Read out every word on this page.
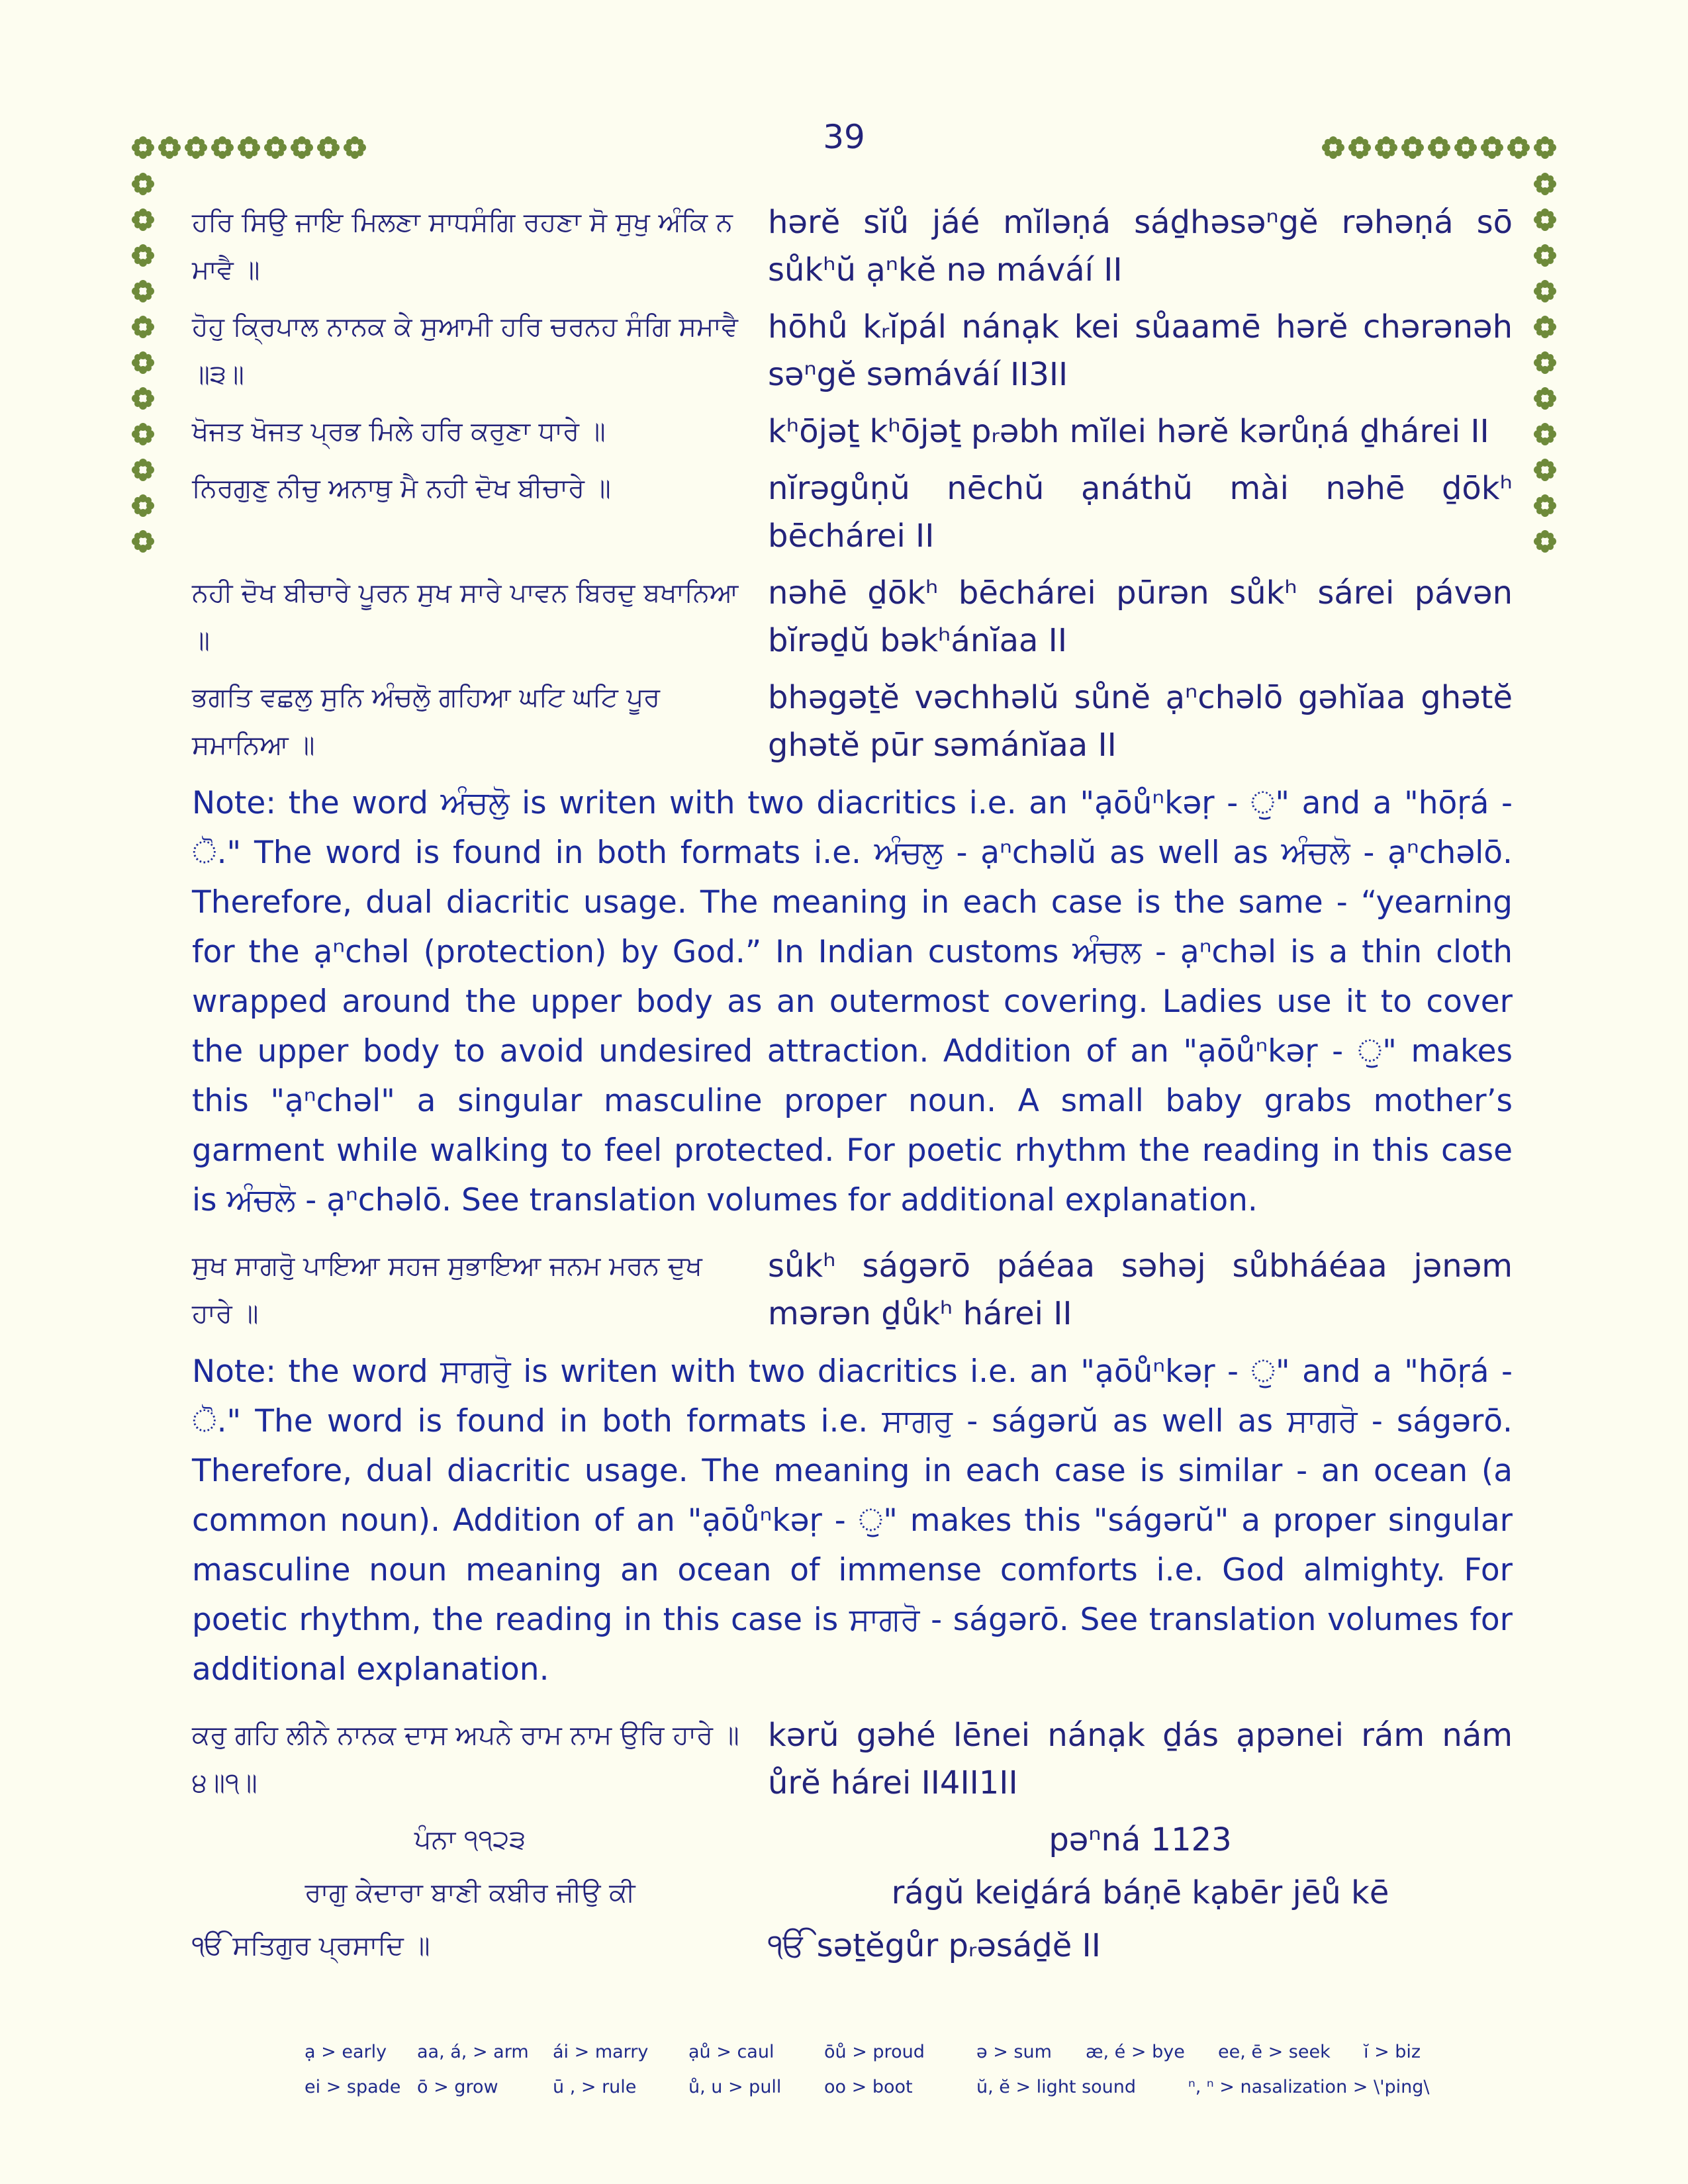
39
ਹਰਿ ਸਿਉ ਜਾਇ ਮਿਲਣਾ ਸਾਧਸੰਗਿ ਰਹਣਾ ਸੋ ਸੁਖੁ ਅੰਕਿ ਨ ਮਾਵੈ ॥
hərĕ sĭů jáé mĭləṇá sáḏhəsəⁿgĕ rəhəṇá sō sůkʰŭ ạⁿkĕ nə máváí II
ਹੋਹੁ ਕ੍ਰਿਪਾਲ ਨਾਨਕ ਕੇ ਸੁਆਮੀ ਹਰਿ ਚਰਨਹ ਸੰਗਿ ਸਮਾਵੈ ॥੩॥
hōhů kᵣĭpál nánạk kei sůaamē hərĕ chərənəh səⁿgĕ səmáváí II3II
ਖੋਜਤ ਖੋਜਤ ਪ੍ਰਭ ਮਿਲੇ ਹਰਿ ਕਰੁਣਾ ਧਾਰੇ ॥	kʰōjəṯ kʰōjəṯ pᵣəbh mĭlei hərĕ kərůṇá ḏhárei II
ਨਿਰਗੁਣੁ ਨੀਚੁ ਅਨਾਥੁ ਮੈ ਨਹੀ ਦੋਖ ਬੀਚਾਰੇ ॥	nĭrəgůṇŭ nēchŭ ạnáthŭ mài nəhē ḏōkʰ bēchárei II
ਨਹੀ ਦੋਖ ਬੀਚਾਰੇ ਪੂਰਨ ਸੁਖ ਸਾਰੇ ਪਾਵਨ ਬਿਰਦੁ ਬਖਾਨਿਆ ॥
nəhē ḏōkʰ bēchárei pūrən sůkʰ sárei pávən bĭrəḏŭ bəkʰánĭaa II
ਭਗਤਿ ਵਛਲੁ ਸੁਨਿ ਅੰਚਲੋੁ ਗਹਿਆ ਘਟਿ ਘਟਿ ਪੂਰ ਸਮਾਨਿਆ ॥
bhəgəṯĕ vəchhəlŭ sůnĕ ạⁿchəlō gəhĭaa ghətĕ ghətĕ pūr səmánĭaa II
Note: the word ਅੰਚਲੋੁ is writen with two diacritics i.e. an "ạōůⁿkəṛ - ੁ" and a "hōṛá - ੋ." The word is found in both formats i.e. ਅੰਚਲੁ - ạⁿchəlŭ as well as ਅੰਚਲੋ - ạⁿchəlō. Therefore, dual diacritic usage. The meaning in each case is the same - “yearning for the ạⁿchəl (protection) by God.” In Indian customs ਅੰਚਲ - ạⁿchəl is a thin cloth wrapped around the upper body as an outermost covering. Ladies use it to cover the upper body to avoid undesired attraction. Addition of an "ạōůⁿkəṛ - ੁ" makes this "ạⁿchəl" a singular masculine proper noun. A small baby grabs mother’s garment while walking to feel protected. For poetic rhythm the reading in this case is ਅੰਚਲੋ - ạⁿchəlō. See translation volumes for additional explanation.
ਸੁਖ ਸਾਗਰੋੁ ਪਾਇਆ ਸਹਜ ਸੁਭਾਇਆ ਜਨਮ ਮਰਨ ਦੁਖ ਹਾਰੇ ॥
sůkʰ ságərō páéaa səhəj sůbháéaa jənəm mərən ḏůkʰ hárei II
Note: the word ਸਾਗਰੋੁ is writen with two diacritics i.e. an "ạōůⁿkəṛ - ੁ" and a "hōṛá - ੋ." The word is found in both formats i.e. ਸਾਗਰੁ - ságərŭ as well as ਸਾਗਰੋ - ságərō. Therefore, dual diacritic usage. The meaning in each case is similar - an ocean (a common noun). Addition of an "ạōůⁿkəṛ - ੁ" makes this "ságərŭ" a proper singular masculine noun meaning an ocean of immense comforts i.e. God almighty. For poetic rhythm, the reading in this case is ਸਾਗਰੋ - ságərō. See translation volumes for additional explanation.
ਕਰੁ ਗਹਿ ਲੀਨੇ ਨਾਨਕ ਦਾਸ ਅਪਨੇ ਰਾਮ ਨਾਮ ਉਰਿ ਹਾਰੇ ॥੪॥੧॥
kərŭ gəhé lēnei nánạk ḏás ạpənei rám nám ůrĕ hárei II4II1II
ਪੰਨਾ ੧੧੨੩	pəⁿná 1123
ਰਾਗੁ ਕੇਦਾਰਾ ਬਾਣੀ ਕਬੀਰ ਜੀਉ ਕੀ	rágŭ keiḏárá báṇē kạbēr jēů kē
ੴ ਸਤਿਗੁਰ ਪ੍ਰਸਾਦਿ ॥	ੴ səṯĕgůr pᵣəsáḏĕ II
ạ > early	aa, á, > arm	ái > marry	ạů > caul	ōů > proud	ə > sum	æ, é > bye	ee, ē > seek	ĭ > biz
ei > spade ō > grow	ū , > rule	ů, u > pull	oo > boot	ŭ, ĕ > light sound	ⁿ, ⁿ > nasalization > \'ping\
